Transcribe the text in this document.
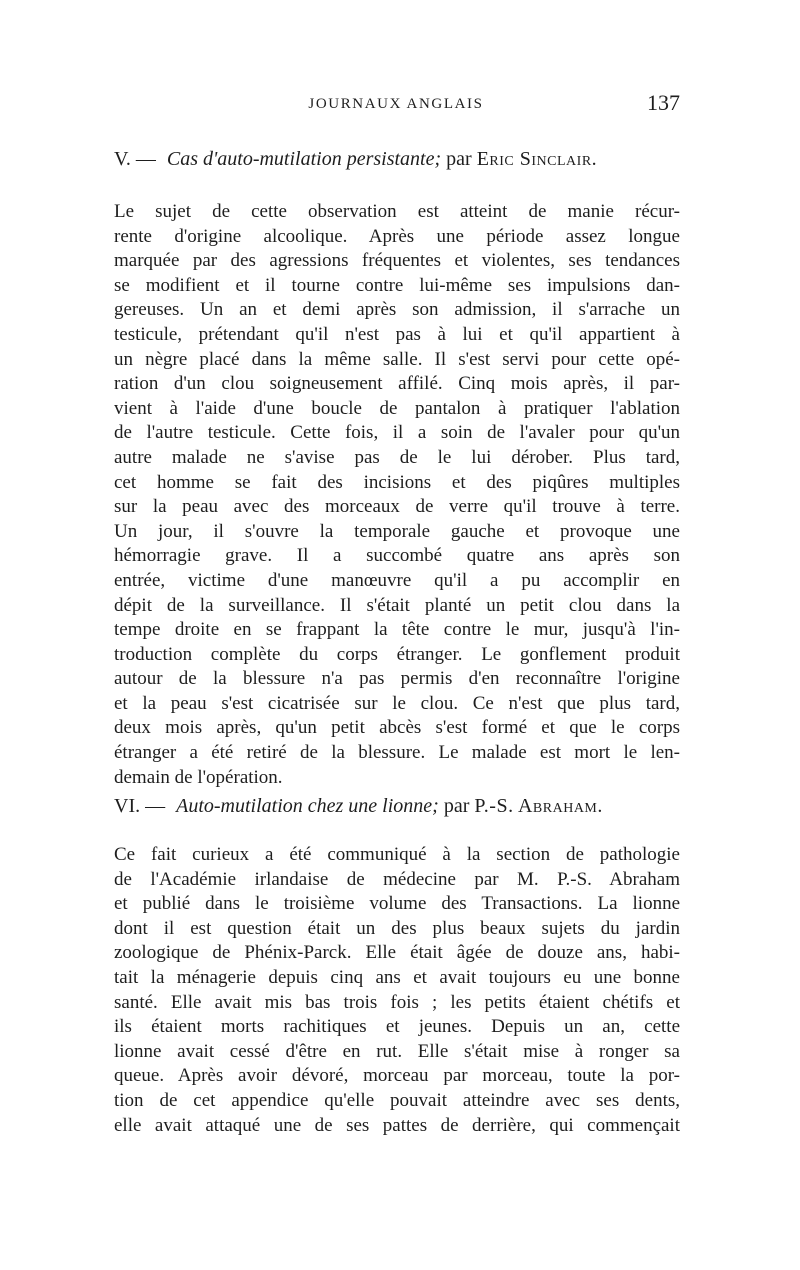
JOURNAUX ANGLAIS	137
V. — Cas d'auto-mutilation persistante; par Eric Sinclair.
Le sujet de cette observation est atteint de manie récur-
rente d'origine alcoolique. Après une période assez longue
marquée par des agressions fréquentes et violentes, ses tendances
se modifient et il tourne contre lui-même ses impulsions dan-
gereuses. Un an et demi après son admission, il s'arrache un
testicule, prétendant qu'il n'est pas à lui et qu'il appartient à
un nègre placé dans la même salle. Il s'est servi pour cette opé-
ration d'un clou soigneusement affilé. Cinq mois après, il par-
vient à l'aide d'une boucle de pantalon à pratiquer l'ablation
de l'autre testicule. Cette fois, il a soin de l'avaler pour qu'un
autre malade ne s'avise pas de le lui dérober. Plus tard,
cet homme se fait des incisions et des piqûres multiples
sur la peau avec des morceaux de verre qu'il trouve à terre.
Un jour, il s'ouvre la temporale gauche et provoque une
hémorragie grave. Il a succombé quatre ans après son
entrée, victime d'une manœuvre qu'il a pu accomplir en
dépit de la surveillance. Il s'était planté un petit clou dans la
tempe droite en se frappant la tête contre le mur, jusqu'à l'in-
troduction complète du corps étranger. Le gonflement produit
autour de la blessure n'a pas permis d'en reconnaître l'origine
et la peau s'est cicatrisée sur le clou. Ce n'est que plus tard,
deux mois après, qu'un petit abcès s'est formé et que le corps
étranger a été retiré de la blessure. Le malade est mort le len-
demain de l'opération.
VI. — Auto-mutilation chez une lionne; par P.-S. Abraham.
Ce fait curieux a été communiqué à la section de pathologie
de l'Académie irlandaise de médecine par M. P.-S. Abraham
et publié dans le troisième volume des Transactions. La lionne
dont il est question était un des plus beaux sujets du jardin
zoologique de Phénix-Parck. Elle était âgée de douze ans, habi-
tait la ménagerie depuis cinq ans et avait toujours eu une bonne
santé. Elle avait mis bas trois fois ; les petits étaient chétifs et
ils étaient morts rachitiques et jeunes. Depuis un an, cette
lionne avait cessé d'être en rut. Elle s'était mise à ronger sa
queue. Après avoir dévoré, morceau par morceau, toute la por-
tion de cet appendice qu'elle pouvait atteindre avec ses dents,
elle avait attaqué une de ses pattes de derrière, qui commençait
